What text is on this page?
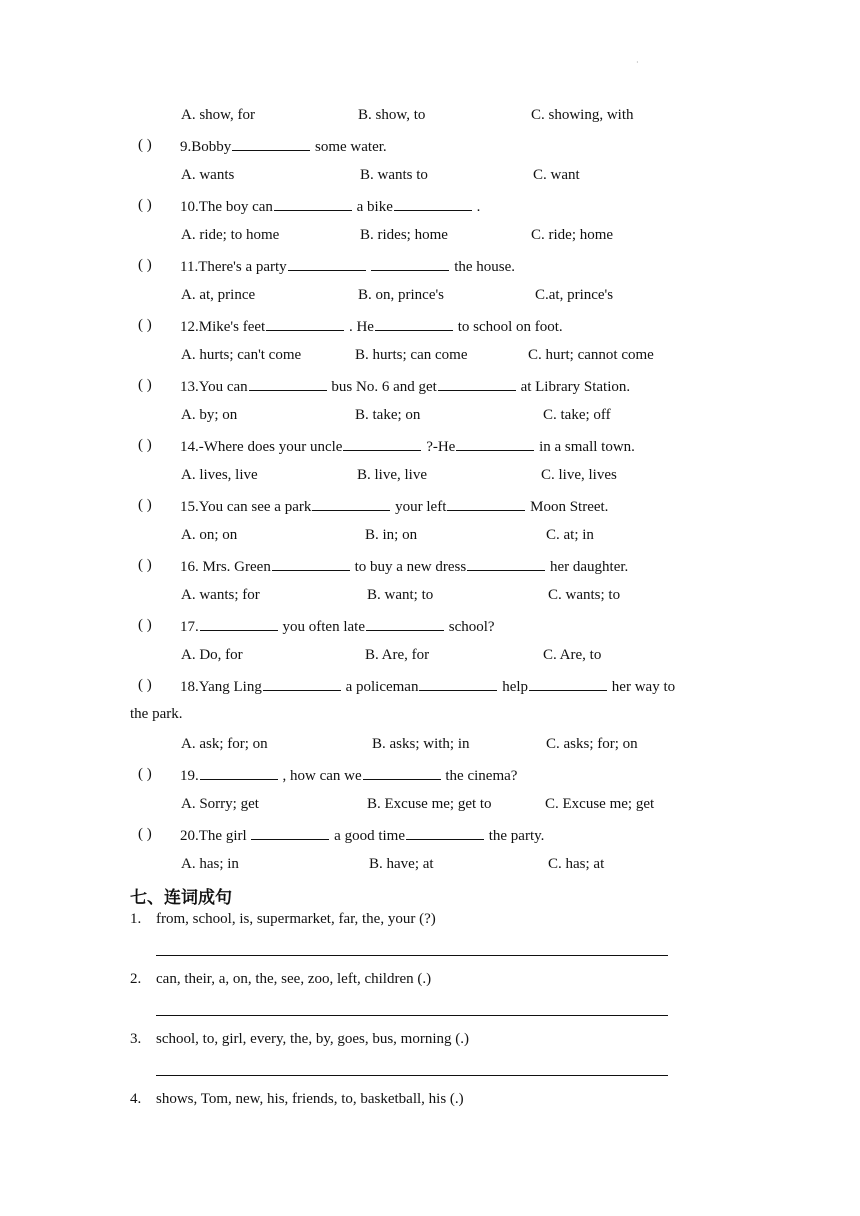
·
A. show, for	B. show, to	C. showing, with
( ) 9.Bobby	some water.
A. wants	B. wants to	C. want
( ) 10.The boy can	a bike	.
A. ride; to home	B. rides; home	C. ride; home
( ) 11.There's a party	the house.
A. at, prince	B. on, prince's	C.at, prince's
( ) 12.Mike's feet	. He	to school on foot.
A. hurts; can't come	B. hurts; can come	C. hurt; cannot come
( ) 13.You can	bus No. 6 and get	at Library Station.
A. by; on	B. take; on	C. take; off
( ) 14.-Where does your uncle	?-He	in a small town.
A. lives, live	B. live, live	C. live, lives
( ) 15.You can see a park	your left	Moon Street.
A. on; on	B. in; on	C. at; in
( ) 16. Mrs. Green	to buy a new dress	her daughter.
A. wants; for	B. want; to	C. wants; to
( ) 17.	you often late	school?
A. Do, for	B. Are, for	C. Are, to
( ) 18.Yang Ling	a policeman	help	her way to
the park.
A. ask; for; on	B. asks; with; in	C. asks; for; on
( ) 19.	, how can we	the cinema?
A. Sorry; get	B. Excuse me; get to	C. Excuse me; get
( ) 20.The girl	a good time	the party.
A. has; in	B. have; at	C. has; at
七、连词成句
1. from, school, is, supermarket, far, the, your (?)
2. can, their, a, on, the, see, zoo, left, children (.)
3. school, to, girl, every, the, by, goes, bus, morning (.)
4. shows, Tom, new, his, friends, to, basketball, his (.)
